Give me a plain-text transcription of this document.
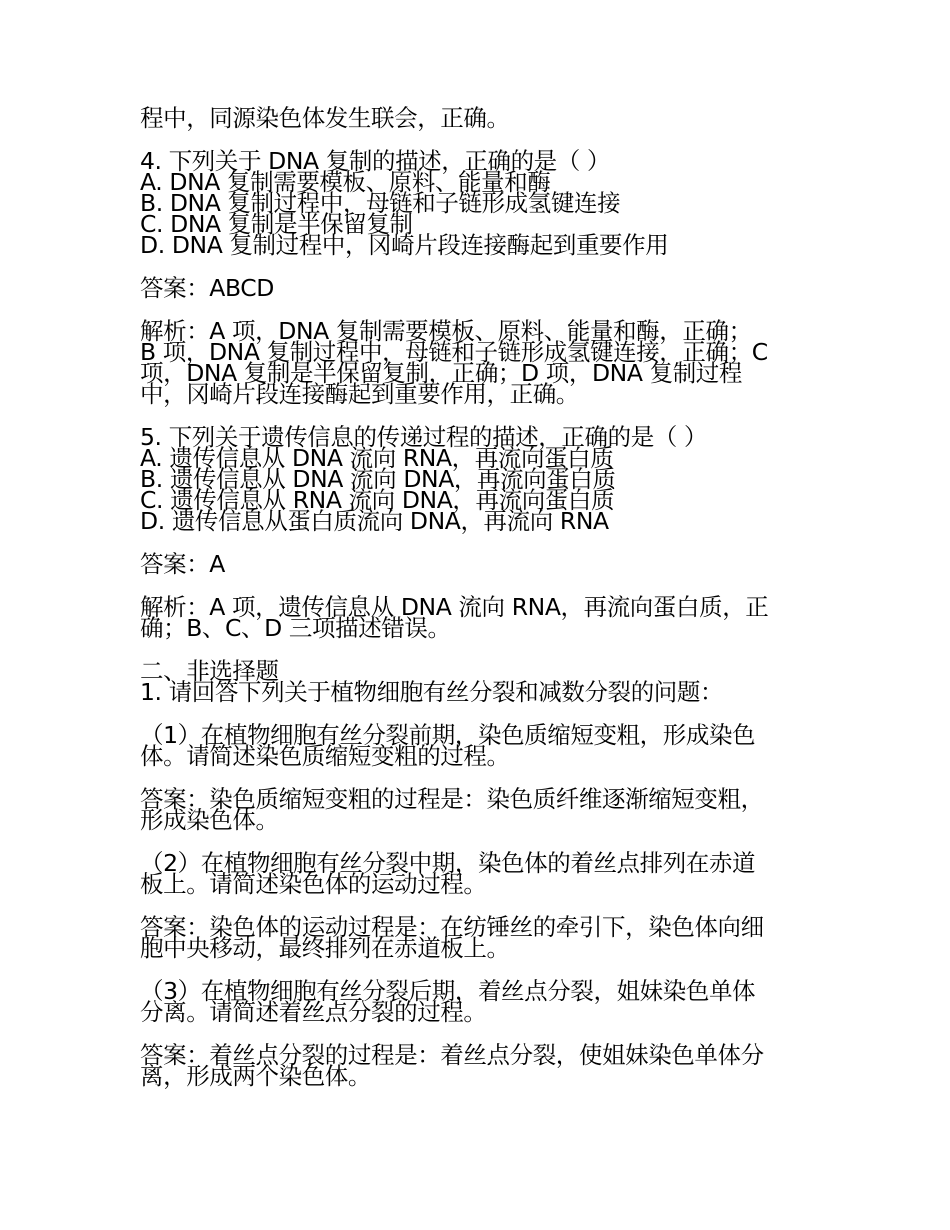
程中，同源染色体发生联会，正确。
4. 下列关于 DNA 复制的描述，正确的是（ ）
A. DNA 复制需要模板、原料、能量和酶
B. DNA 复制过程中，母链和子链形成氢键连接
C. DNA 复制是半保留复制
D. DNA 复制过程中，冈崎片段连接酶起到重要作用
答案：ABCD
解析：A 项，DNA 复制需要模板、原料、能量和酶，正确；
B 项，DNA 复制过程中，母链和子链形成氢键连接，正确；C
项，DNA 复制是半保留复制，正确；D 项，DNA 复制过程
中，冈崎片段连接酶起到重要作用，正确。
5. 下列关于遗传信息的传递过程的描述，正确的是（ ）
A. 遗传信息从 DNA 流向 RNA，再流向蛋白质
B. 遗传信息从 DNA 流向 DNA，再流向蛋白质
C. 遗传信息从 RNA 流向 DNA，再流向蛋白质
D. 遗传信息从蛋白质流向 DNA，再流向 RNA
答案：A
解析：A 项，遗传信息从 DNA 流向 RNA，再流向蛋白质，正
确；B、C、D 三项描述错误。
二、非选择题
1. 请回答下列关于植物细胞有丝分裂和减数分裂的问题：
（1）在植物细胞有丝分裂前期，染色质缩短变粗，形成染色
体。请简述染色质缩短变粗的过程。
答案：染色质缩短变粗的过程是：染色质纤维逐渐缩短变粗，
形成染色体。
（2）在植物细胞有丝分裂中期，染色体的着丝点排列在赤道
板上。请简述染色体的运动过程。
答案：染色体的运动过程是：在纺锤丝的牵引下，染色体向细
胞中央移动，最终排列在赤道板上。
（3）在植物细胞有丝分裂后期，着丝点分裂，姐妹染色单体
分离。请简述着丝点分裂的过程。
答案：着丝点分裂的过程是：着丝点分裂，使姐妹染色单体分
离，形成两个染色体。
